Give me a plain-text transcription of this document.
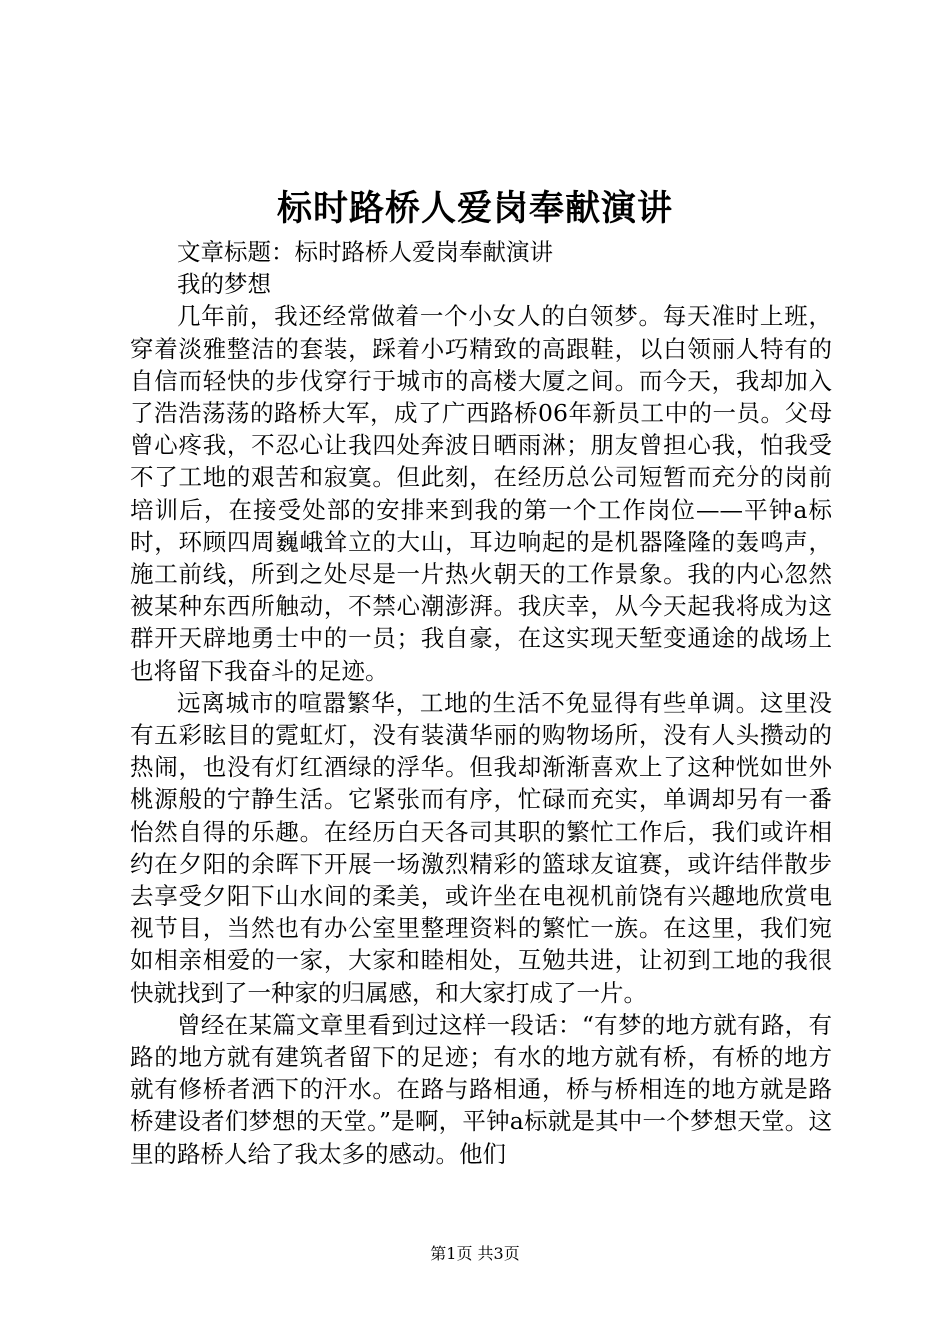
标时路桥人爱岗奉献演讲

文章标题：标时路桥人爱岗奉献演讲

我的梦想

几年前，我还经常做着一个小女人的白领梦。每天准时上班，穿着淡雅整洁的套装，踩着小巧精致的高跟鞋，以白领丽人特有的自信而轻快的步伐穿行于城市的高楼大厦之间。而今天，我却加入了浩浩荡荡的路桥大军，成了广西路桥06年新员工中的一员。父母曾心疼我，不忍心让我四处奔波日晒雨淋；朋友曾担心我，怕我受不了工地的艰苦和寂寞。但此刻，在经历总公司短暂而充分的岗前培训后，在接受处部的安排来到我的第一个工作岗位——平钟a标时，环顾四周巍峨耸立的大山，耳边响起的是机器隆隆的轰鸣声，施工前线，所到之处尽是一片热火朝天的工作景象。我的内心忽然被某种东西所触动，不禁心潮澎湃。我庆幸，从今天起我将成为这群开天辟地勇士中的一员；我自豪，在这实现天堑变通途的战场上也将留下我奋斗的足迹。

远离城市的喧嚣繁华，工地的生活不免显得有些单调。这里没有五彩眩目的霓虹灯，没有装潢华丽的购物场所，没有人头攒动的热闹，也没有灯红酒绿的浮华。但我却渐渐喜欢上了这种恍如世外桃源般的宁静生活。它紧张而有序，忙碌而充实，单调却另有一番怡然自得的乐趣。在经历白天各司其职的繁忙工作后，我们或许相约在夕阳的余晖下开展一场激烈精彩的篮球友谊赛，或许结伴散步去享受夕阳下山水间的柔美，或许坐在电视机前饶有兴趣地欣赏电视节目，当然也有办公室里整理资料的繁忙一族。在这里，我们宛如相亲相爱的一家，大家和睦相处，互勉共进，让初到工地的我很快就找到了一种家的归属感，和大家打成了一片。

曾经在某篇文章里看到过这样一段话：“有梦的地方就有路，有路的地方就有建筑者留下的足迹；有水的地方就有桥，有桥的地方就有修桥者洒下的汗水。在路与路相通，桥与桥相连的地方就是路桥建设者们梦想的天堂。”是啊，平钟a标就是其中一个梦想天堂。这里的路桥人给了我太多的感动。他们

第1页 共3页
